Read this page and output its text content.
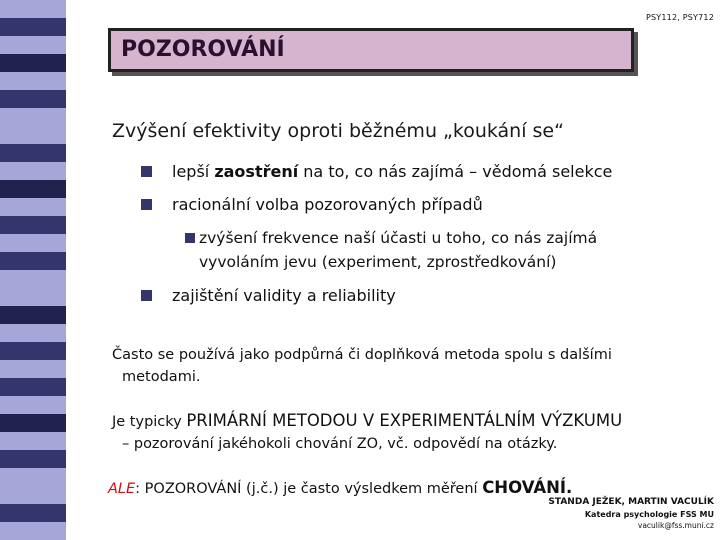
PSY112, PSY712
POZOROVÁNÍ
Zvýšení efektivity oproti běžnému „koukání se“
lepší zaostření na to, co nás zajímá – vědomá selekce
racionální volba pozorovaných případů
zvýšení frekvence naší účasti u toho, co nás zajímá
vyvoláním jevu (experiment, zprostředkování)
zajištění validity a reliability
Často se používá jako podpůrná či doplňková metoda spolu s dalšími
metodami.
Je typicky PRIMÁRNÍ METODOU V EXPERIMENTÁLNÍM VÝZKUMU
– pozorování jakéhokoli chování ZO, vč. odpovědí na otázky.
ALE: POZOROVÁNÍ (j.č.) je často výsledkem měření CHOVÁNÍ.
STANDA JEŽEK, MARTIN VACULÍK
Katedra psychologie FSS MU
vaculik@fss.muni.cz
